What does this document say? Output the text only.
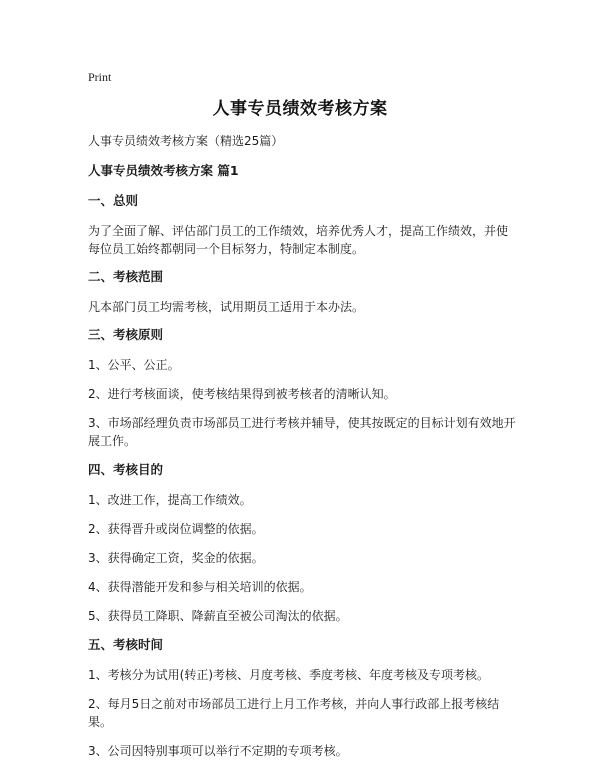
Print
人事专员绩效考核方案

人事专员绩效考核方案（精选25篇）

人事专员绩效考核方案 篇1

一、总则

为了全面了解、评估部门员工的工作绩效，培养优秀人才，提高工作绩效，并使每位员工始终都朝同一个目标努力，特制定本制度。

二、考核范围

凡本部门员工均需考核，试用期员工适用于本办法。

三、考核原则

1、公平、公正。

2、进行考核面谈，使考核结果得到被考核者的清晰认知。

3、市场部经理负责市场部员工进行考核并辅导，使其按既定的目标计划有效地开展工作。

四、考核目的

1、改进工作，提高工作绩效。

2、获得晋升或岗位调整的依据。

3、获得确定工资，奖金的依据。

4、获得潜能开发和参与相关培训的依据。

5、获得员工降职、降薪直至被公司淘汰的依据。

五、考核时间

1、考核分为试用(转正)考核、月度考核、季度考核、年度考核及专项考核。

2、每月5日之前对市场部员工进行上月工作考核，并向人事行政部上报考核结果。

3、公司因特别事项可以举行不定期的专项考核。
